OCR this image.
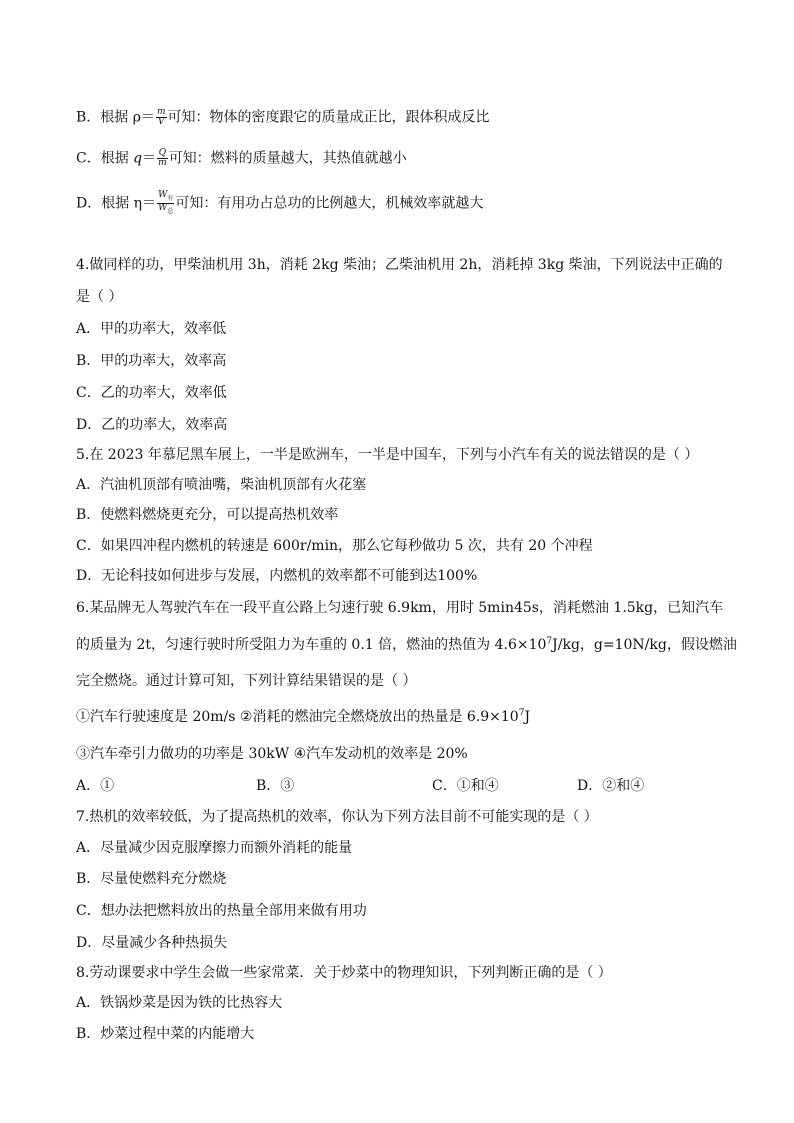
B．根据 $\rho= \frac{m}{V}$ 可知：物体的密度跟它的质量成正比，跟体积成反比
C．根据 $q= \frac{Q}{m}$ 可知：燃料的质量越大，其热值就越小
D．根据 $\eta= \frac{W_有}{W_总}$ 可知：有用功占总功的比例越大，机械效率就越大
4.做同样的功，甲柴油机用 3h，消耗 2kg 柴油；乙柴油机用 2h，消耗掉 3kg 柴油，下列说法中正确的
是（ ）
A．甲的功率大，效率低
B．甲的功率大，效率高
C．乙的功率大，效率低
D．乙的功率大，效率高
5.在 2023 年慕尼黑车展上，一半是欧洲车，一半是中国车，下列与小汽车有关的说法错误的是（ ）
A．汽油机顶部有喷油嘴，柴油机顶部有火花塞
B．使燃料燃烧更充分，可以提高热机效率
C．如果四冲程内燃机的转速是 600r/min，那么它每秒做功 5 次，共有 20 个冲程
D．无论科技如何进步与发展，内燃机的效率都不可能到达100%
6.某品牌无人驾驶汽车在一段平直公路上匀速行驶 6.9km，用时 5min45s，消耗燃油 1.5kg，已知汽车
的质量为 2t，匀速行驶时所受阻力为车重的 0.1 倍，燃油的热值为 $4.6\times 10^7J/kg$，g=10N/kg，假设燃油
完全燃烧。通过计算可知，下列计算结果错误的是（ ）
①汽车行驶速度是 20m/s ②消耗的燃油完全燃烧放出的热量是 $6.9\times 10^7J$
③汽车牵引力做功的功率是 30kW ④汽车发动机的效率是 20%
A．①	B．③	C．①和④	D．②和④
7.热机的效率较低，为了提高热机的效率，你认为下列方法目前不可能实现的是（ ）
A．尽量减少因克服摩擦力而额外消耗的能量
B．尽量使燃料充分燃烧
C．想办法把燃料放出的热量全部用来做有用功
D．尽量减少各种热损失
8.劳动课要求中学生会做一些家常菜．关于炒菜中的物理知识，下列判断正确的是（ ）
A．铁锅炒菜是因为铁的比热容大
B．炒菜过程中菜的内能增大
